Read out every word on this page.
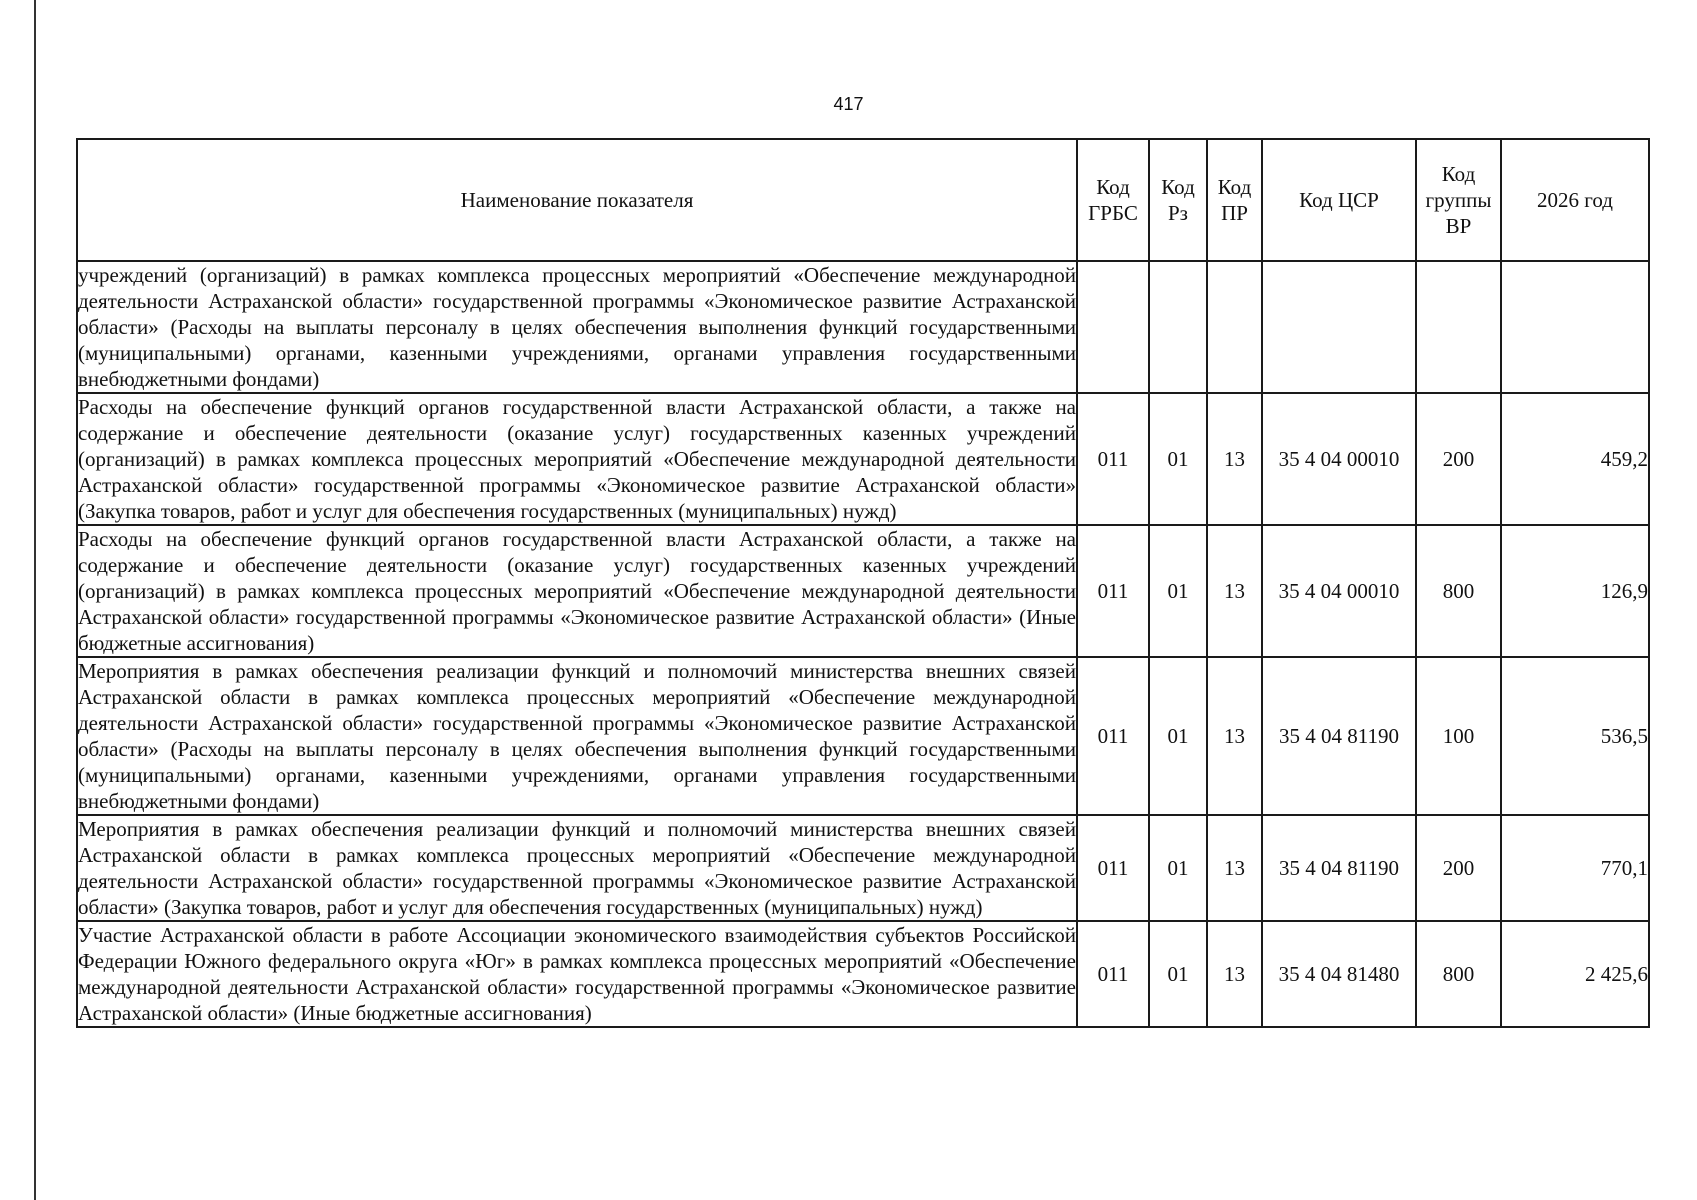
417
Наименование показателя	Код ГРБС	Код Рз	Код ПР	Код ЦСР	Код группы ВР	2026 год
учреждений (организаций) в рамках комплекса процессных мероприятий «Обеспечение международной деятельности Астраханской области» государственной программы «Экономическое развитие Астраханской области» (Расходы на выплаты персоналу в целях обеспечения выполнения функций государственными (муниципальными) органами, казенными учреждениями, органами управления государственными внебюджетными фондами)						
Расходы на обеспечение функций органов государственной власти Астраханской области, а также на содержание и обеспечение деятельности (оказание услуг) государственных казенных учреждений (организаций) в рамках комплекса процессных мероприятий «Обеспечение международной деятельности Астраханской области» государственной программы «Экономическое развитие Астраханской области» (Закупка товаров, работ и услуг для обеспечения государственных (муниципальных) нужд)	011	01	13	35 4 04 00010	200	459,2
Расходы на обеспечение функций органов государственной власти Астраханской области, а также на содержание и обеспечение деятельности (оказание услуг) государственных казенных учреждений (организаций) в рамках комплекса процессных мероприятий «Обеспечение международной деятельности Астраханской области» государственной программы «Экономическое развитие Астраханской области» (Иные бюджетные ассигнования)	011	01	13	35 4 04 00010	800	126,9
Мероприятия в рамках обеспечения реализации функций и полномочий министерства внешних связей Астраханской области в рамках комплекса процессных мероприятий «Обеспечение международной деятельности Астраханской области» государственной программы «Экономическое развитие Астраханской области» (Расходы на выплаты персоналу в целях обеспечения выполнения функций государственными (муниципальными) органами, казенными учреждениями, органами управления государственными внебюджетными фондами)	011	01	13	35 4 04 81190	100	536,5
Мероприятия в рамках обеспечения реализации функций и полномочий министерства внешних связей Астраханской области в рамках комплекса процессных мероприятий «Обеспечение международной деятельности Астраханской области» государственной программы «Экономическое развитие Астраханской области» (Закупка товаров, работ и услуг для обеспечения государственных (муниципальных) нужд)	011	01	13	35 4 04 81190	200	770,1
Участие Астраханской области в работе Ассоциации экономического взаимодействия субъектов Российской Федерации Южного федерального округа «Юг» в рамках комплекса процессных мероприятий «Обеспечение международной деятельности Астраханской области» государственной программы «Экономическое развитие Астраханской области» (Иные бюджетные ассигнования)	011	01	13	35 4 04 81480	800	2 425,6
